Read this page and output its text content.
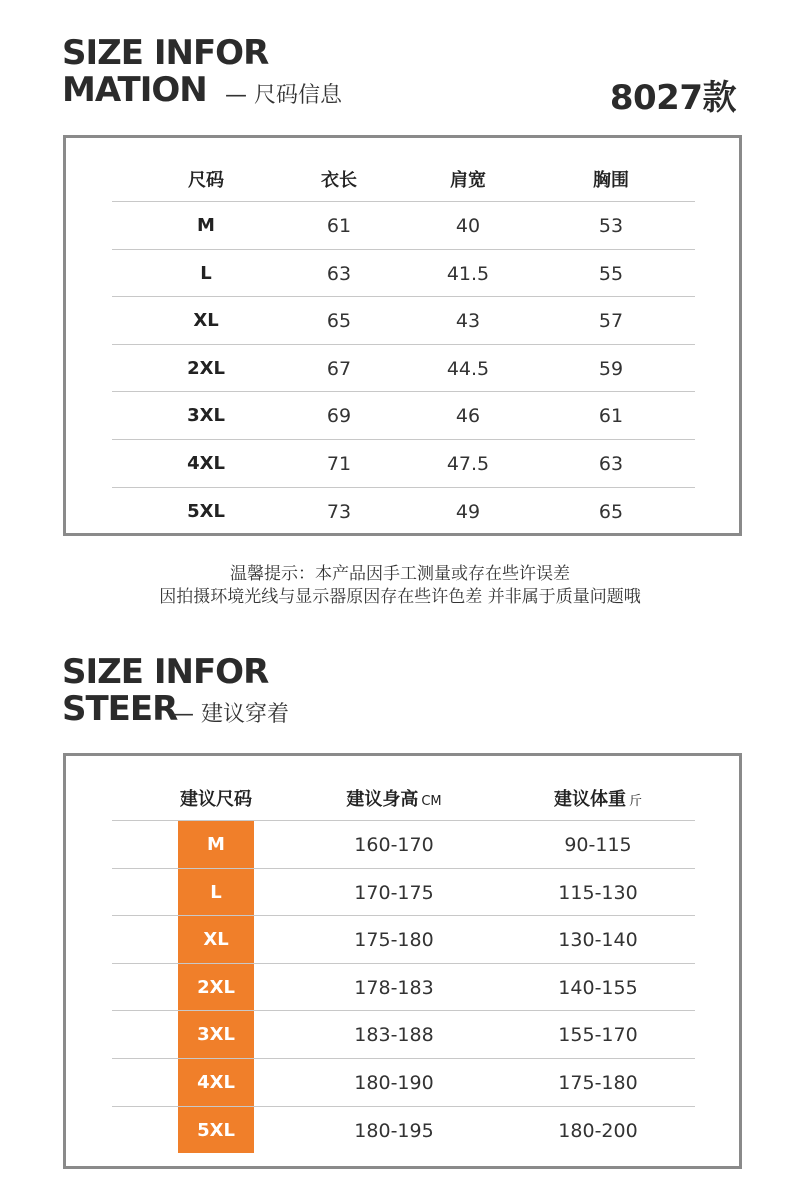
SIZE INFOR
MATION — 尺码信息	8027款
尺码	衣长	肩宽	胸围
M	61	40	53
L	63	41.5	55
XL	65	43	57
2XL	67	44.5	59
3XL	69	46	61
4XL	71	47.5	63
5XL	73	49	65
温馨提示：本产品因手工测量或存在些许误差
因拍摄环境光线与显示器原因存在些许色差 并非属于质量问题哦
SIZE INFOR
STEER
— 建议穿着
建议尺码	建议身高 CM	建议体重 斤
M	160-170	90-115
L	170-175	115-130
XL	175-180	130-140
2XL	178-183	140-155
3XL	183-188	155-170
4XL	180-190	175-180
5XL	180-195	180-200
